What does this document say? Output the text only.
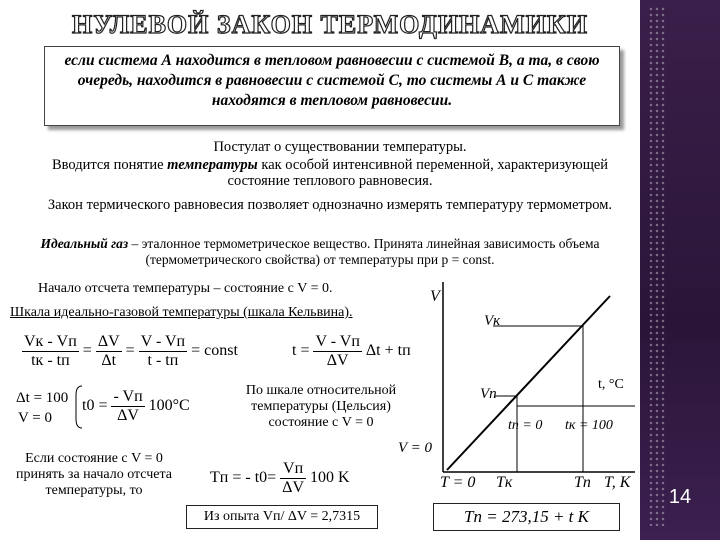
НУЛЕВОЙ ЗАКОН ТЕРМОДИНАМИКИ

если система А находится в тепловом равновесии с системой В, а та, в свою очередь, находится в равновесии с системой С, то системы А и С также находятся в тепловом равновесии.

Постулат о существовании температуры.
Вводится понятие температуры как особой интенсивной переменной, характеризующей состояние теплового равновесия.
Закон термического равновесия позволяет однозначно измерять температуру термометром.
Идеальный газ – эталонное термометрическое вещество. Принята линейная зависимость объема (термометрического свойства) от температуры при p = const.
Начало отсчета температуры – состояние с V = 0.
Шкала идеально-газовой температуры (шкала Кельвина).
$\frac{Vк - Vп}{tк - tп} = \frac{\Delta V}{\Delta t} = \frac{V - Vп}{t - tп}$ = const	$t = \frac{V - Vп}{\Delta V}$ Δt + tп
Δt = 100
V = 0
$t0 = \frac{- Vп}{\Delta V} 100^\circ C$
По шкале относительной температуры (Цельсия) состояние с V = 0
Если состояние с V = 0 принять за начало отсчета температуры, то
Tп = - $t0= \frac{Vп}{\Delta V} 100$ K
Из опыта Vп/ ΔV = 2,7315	Tп = 273,15 + t K
V
Vк
Vп
t, °C
tп = 0 tк = 100
V = 0
T = 0 Tк	Tп T, K
14
